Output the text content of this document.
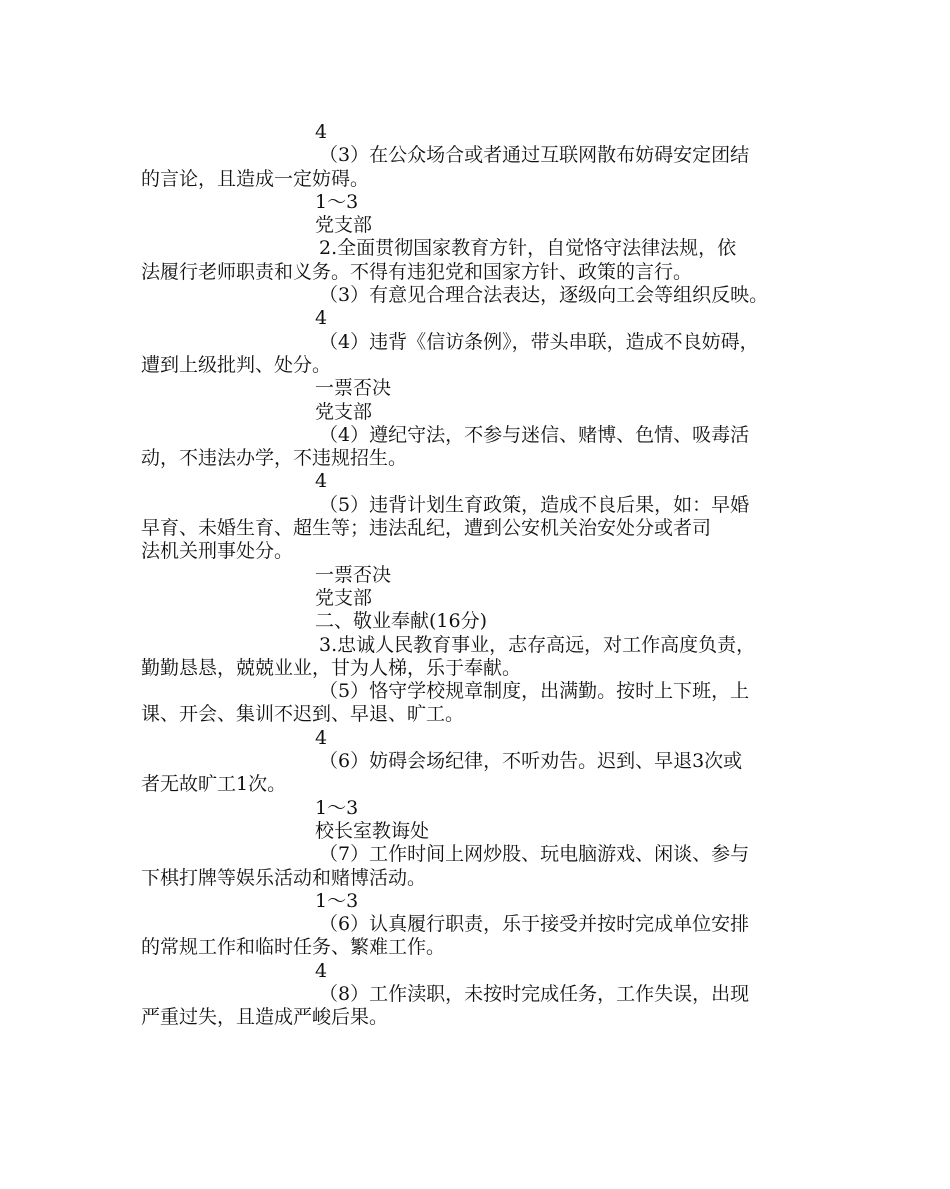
4
（3）在公众场合或者通过互联网散布妨碍安定团结
的言论，且造成一定妨碍。
1～3
党支部
2.全面贯彻国家教育方针，自觉恪守法律法规，依
法履行老师职责和义务。不得有违犯党和国家方针、政策的言行。
（3）有意见合理合法表达，逐级向工会等组织反映。
4
（4）违背《信访条例》，带头串联，造成不良妨碍，
遭到上级批判、处分。
一票否决
党支部
（4）遵纪守法，不参与迷信、赌博、色情、吸毒活
动，不违法办学，不违规招生。
4
（5）违背计划生育政策，造成不良后果，如：早婚
早育、未婚生育、超生等；违法乱纪，遭到公安机关治安处分或者司
法机关刑事处分。
一票否决
党支部
二、敬业奉献(16分)
3.忠诚人民教育事业，志存高远，对工作高度负责，
勤勤恳恳，兢兢业业，甘为人梯，乐于奉献。
（5）恪守学校规章制度，出满勤。按时上下班，上
课、开会、集训不迟到、早退、旷工。
4
（6）妨碍会场纪律，不听劝告。迟到、早退3次或
者无故旷工1次。
1～3
校长室教诲处
（7）工作时间上网炒股、玩电脑游戏、闲谈、参与
下棋打牌等娱乐活动和赌博活动。
1～3
（6）认真履行职责，乐于接受并按时完成单位安排
的常规工作和临时任务、繁难工作。
4
（8）工作渎职，未按时完成任务，工作失误，出现
严重过失，且造成严峻后果。
